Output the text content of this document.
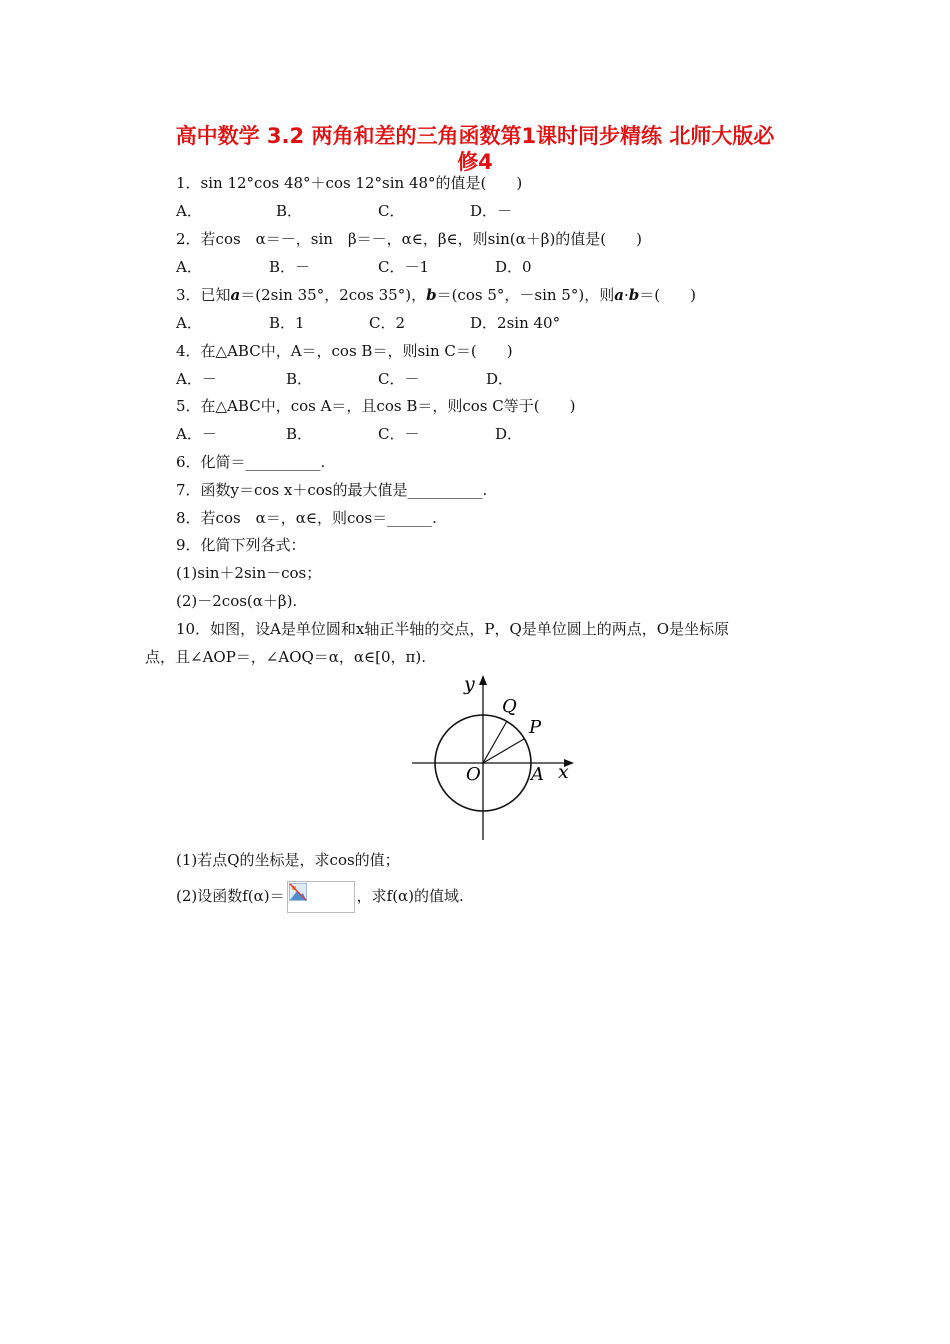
高中数学 3.2 两角和差的三角函数第1课时同步精练 北师大版必
修4
1．sin 12°cos 48°＋cos 12°sin 48°的值是(　　)
A．	B．	C．	D．－
2．若cos　α＝－，sin　β＝－，α∈，β∈，则sin(α＋β)的值是(　　)
A．	B．－	C．－1	D．0
3．已知a＝(2sin 35°，2cos 35°)，b＝(cos 5°，－sin 5°)，则a·b＝(　　)
A．	B．1	C．2	D．2sin 40°
4．在△ABC中，A＝，cos B＝，则sin C＝(　　)
A．－	B．	C．－	D．
5．在△ABC中，cos A＝，且cos B＝，则cos C等于(　　)
A．－	B．	C．－	D．
6．化简＝__________.
7．函数y＝cos x＋cos的最大值是__________.
8．若cos　α＝，α∈，则cos＝______.
9．化简下列各式：
(1)sin＋2sin－cos；
(2)－2cos(α＋β).
10．如图，设A是单位圆和x轴正半轴的交点，P，Q是单位圆上的两点，O是坐标原
点，且∠AOP＝，∠AOQ＝α，α∈[0，π).
y
x
O	A
P
Q
(1)若点Q的坐标是，求cos的值；
(2)设函数f(α)＝	，求f(α)的值域.
